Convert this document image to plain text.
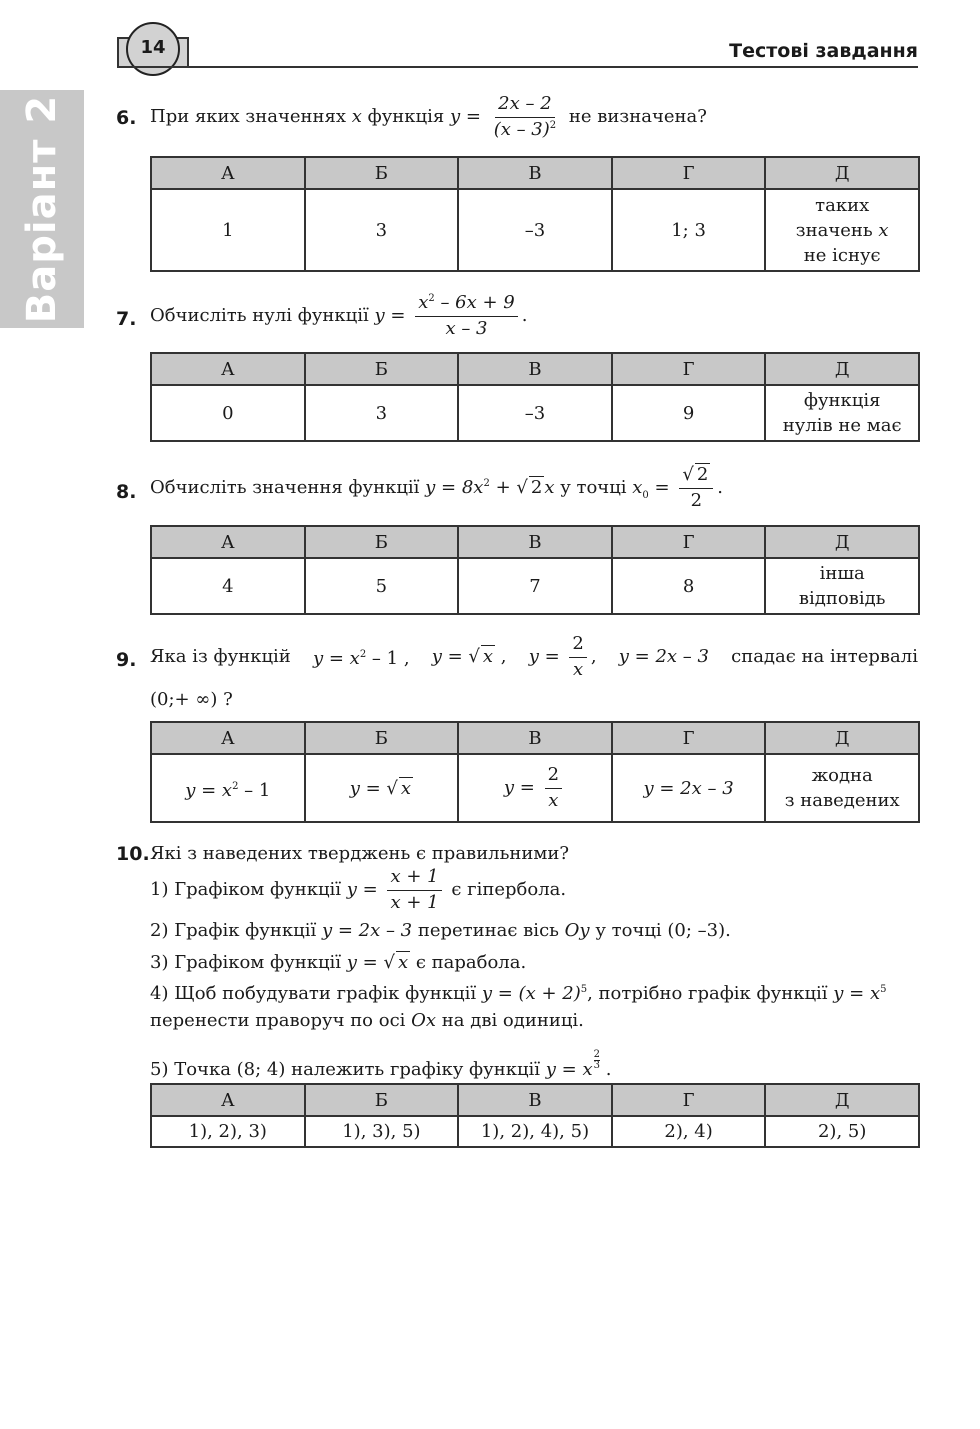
Варіант 2
14	Тестові завдання
6. При яких значеннях x функція $y = \frac{2x - 2}{(x - 3)^2}$ не визначена?
А	Б	В	Г	Д
1	3	–3	1; 3	таких
значень x
не існує
7. Обчисліть нулі функції $y = \frac{x^2 - 6x + 9}{x - 3}$ .
А	Б	В	Г	Д
0	3	–3	9	функція
нулів не має
8. Обчисліть значення функції $y = 8x^2$ + √ 2 x у точці $x_0 = \frac{√ 2}{2}$ .
А	Б	В	Г	Д
4	5	7	8	інша
відповідь
9. Яка із функцій $y = x^2 - 1$ , y = √ x , $y = \frac{2}{x}$ , y = 2x – 3 спадає на інтервалі
(0;+ ∞) ?
А	Б	В	Г	Д
$y = x^2 - 1$	y = √ x	$y = \frac{2}{x}$	y = 2x – 3	жодна
з наведених
10. Які з наведених тверджень є правильними?
1) Графіком функції $y = \frac{x + 1}{x + 1}$ є гіпербола.
2) Графік функції y = 2x – 3 перетинає вісь Oy у точці (0; –3).
3) Графіком функції y = √ x є парабола.
4) Щоб побудувати графік функції $y = (x + 2)^5$, потрібно графік функції $y = x^5$
перенести праворуч по осі Ox на дві одиниці.
5) Точка (8; 4) належить графіку функції y = x $\frac{2}{3}$ .
А	Б	В	Г	Д
1), 2), 3)	1), 3), 5)	1), 2), 4), 5)	2), 4)	2), 5)
